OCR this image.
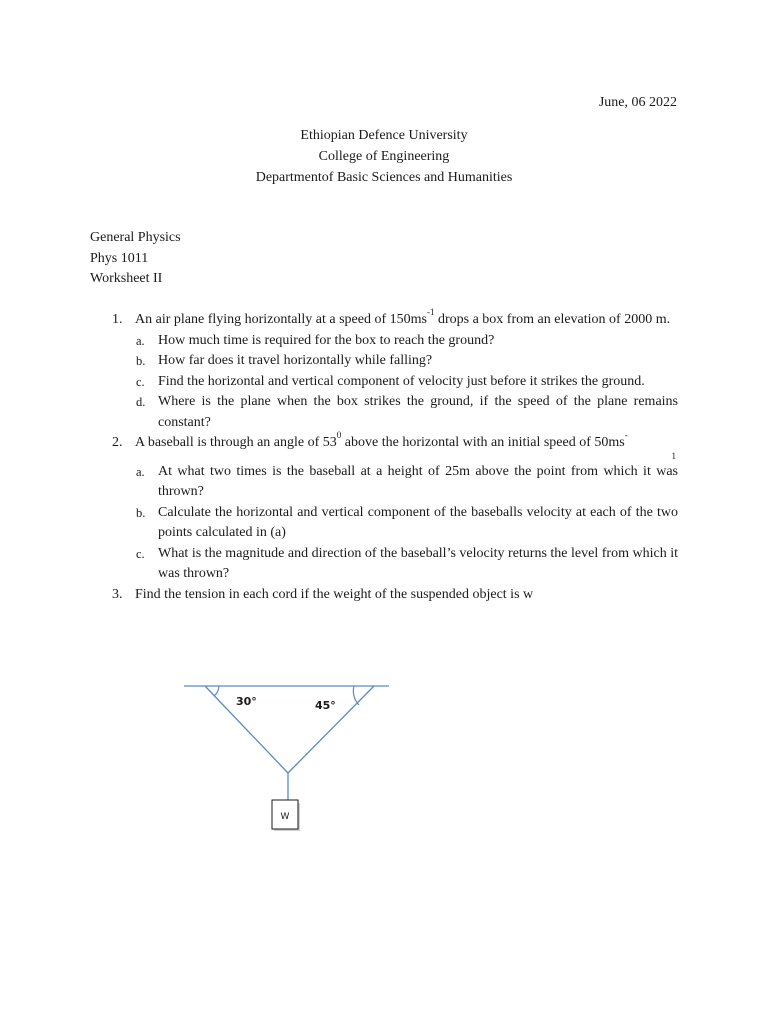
June, 06 2022
Ethiopian Defence University
College of Engineering
Departmentof Basic Sciences and Humanities
General Physics
Phys 1011
Worksheet II
1. An air plane flying horizontally at a speed of $150ms^{-1}$ drops a box from an elevation of 2000 m.
a. How much time is required for the box to reach the ground?
b. How far does it travel horizontally while falling?
c. Find the horizontal and vertical component of velocity just before it strikes the ground.
d. Where is the plane when the box strikes the ground, if the speed of the plane remains constant?
2. A baseball is through an angle of $53^0$ above the horizontal with an initial speed of 50ms-
1
a. At what two times is the baseball at a height of 25m above the point from which it was thrown?
b. Calculate the horizontal and vertical component of the baseballs velocity at each of the two points calculated in (a)
c. What is the magnitude and direction of the baseball’s velocity returns the level from which it was thrown?
3. Find the tension in each cord if the weight of the suspended object is w
30°	45°
W
